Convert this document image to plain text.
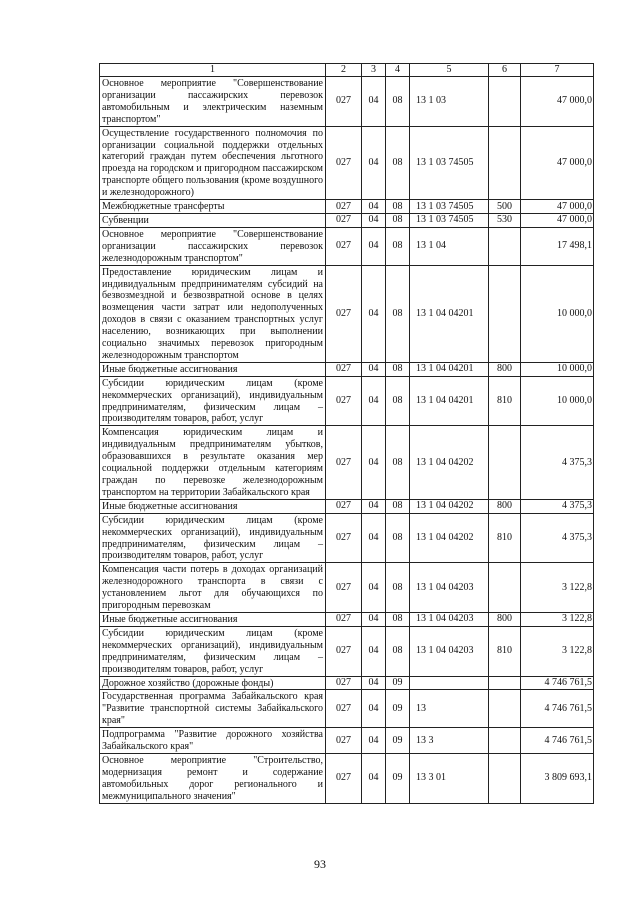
1	2	3	4	5	6	7
Основное мероприятие "Совершенствование организации пассажирских перевозок автомобильным и электрическим наземным транспортом"	027	04	08	13 1 03		47 000,0
Осуществление государственного полномочия по организации социальной поддержки отдельных категорий граждан путем обеспечения льготного проезда на городском и пригородном пассажирском транспорте общего пользования (кроме воздушного и железнодорожного)	027	04	08	13 1 03 74505		47 000,0
Межбюджетные трансферты	027	04	08	13 1 03 74505	500	47 000,0
Субвенции	027	04	08	13 1 03 74505	530	47 000,0
Основное мероприятие "Совершенствование организации пассажирских перевозок железнодорожным транспортом"	027	04	08	13 1 04		17 498,1
Предоставление юридическим лицам и индивидуальным предпринимателям субсидий на безвозмездной и безвозвратной основе в целях возмещения части затрат или недополученных доходов в связи с оказанием транспортных услуг населению, возникающих при выполнении социально значимых перевозок пригородным железнодорожным транспортом	027	04	08	13 1 04 04201		10 000,0
Иные бюджетные ассигнования	027	04	08	13 1 04 04201	800	10 000,0
Субсидии юридическим лицам (кроме некоммерческих организаций), индивидуальным предпринимателям, физическим лицам – производителям товаров, работ, услуг	027	04	08	13 1 04 04201	810	10 000,0
Компенсация юридическим лицам и индивидуальным предпринимателям убытков, образовавшихся в результате оказания мер социальной поддержки отдельным категориям граждан по перевозке железнодорожным транспортом на территории Забайкальского края	027	04	08	13 1 04 04202		4 375,3
Иные бюджетные ассигнования	027	04	08	13 1 04 04202	800	4 375,3
Субсидии юридическим лицам (кроме некоммерческих организаций), индивидуальным предпринимателям, физическим лицам – производителям товаров, работ, услуг	027	04	08	13 1 04 04202	810	4 375,3
Компенсация части потерь в доходах организаций железнодорожного транспорта в связи с установлением льгот для обучающихся по пригородным перевозкам	027	04	08	13 1 04 04203		3 122,8
Иные бюджетные ассигнования	027	04	08	13 1 04 04203	800	3 122,8
Субсидии юридическим лицам (кроме некоммерческих организаций), индивидуальным предпринимателям, физическим лицам – производителям товаров, работ, услуг	027	04	08	13 1 04 04203	810	3 122,8
Дорожное хозяйство (дорожные фонды)	027	04	09			4 746 761,5
Государственная программа Забайкальского края "Развитие транспортной системы Забайкальского края"	027	04	09	13		4 746 761,5
Подпрограмма "Развитие дорожного хозяйства Забайкальского края"	027	04	09	13 3		4 746 761,5
Основное мероприятие "Строительство, модернизация ремонт и содержание автомобильных дорог регионального и межмуниципального значения"	027	04	09	13 3 01		3 809 693,1
93
